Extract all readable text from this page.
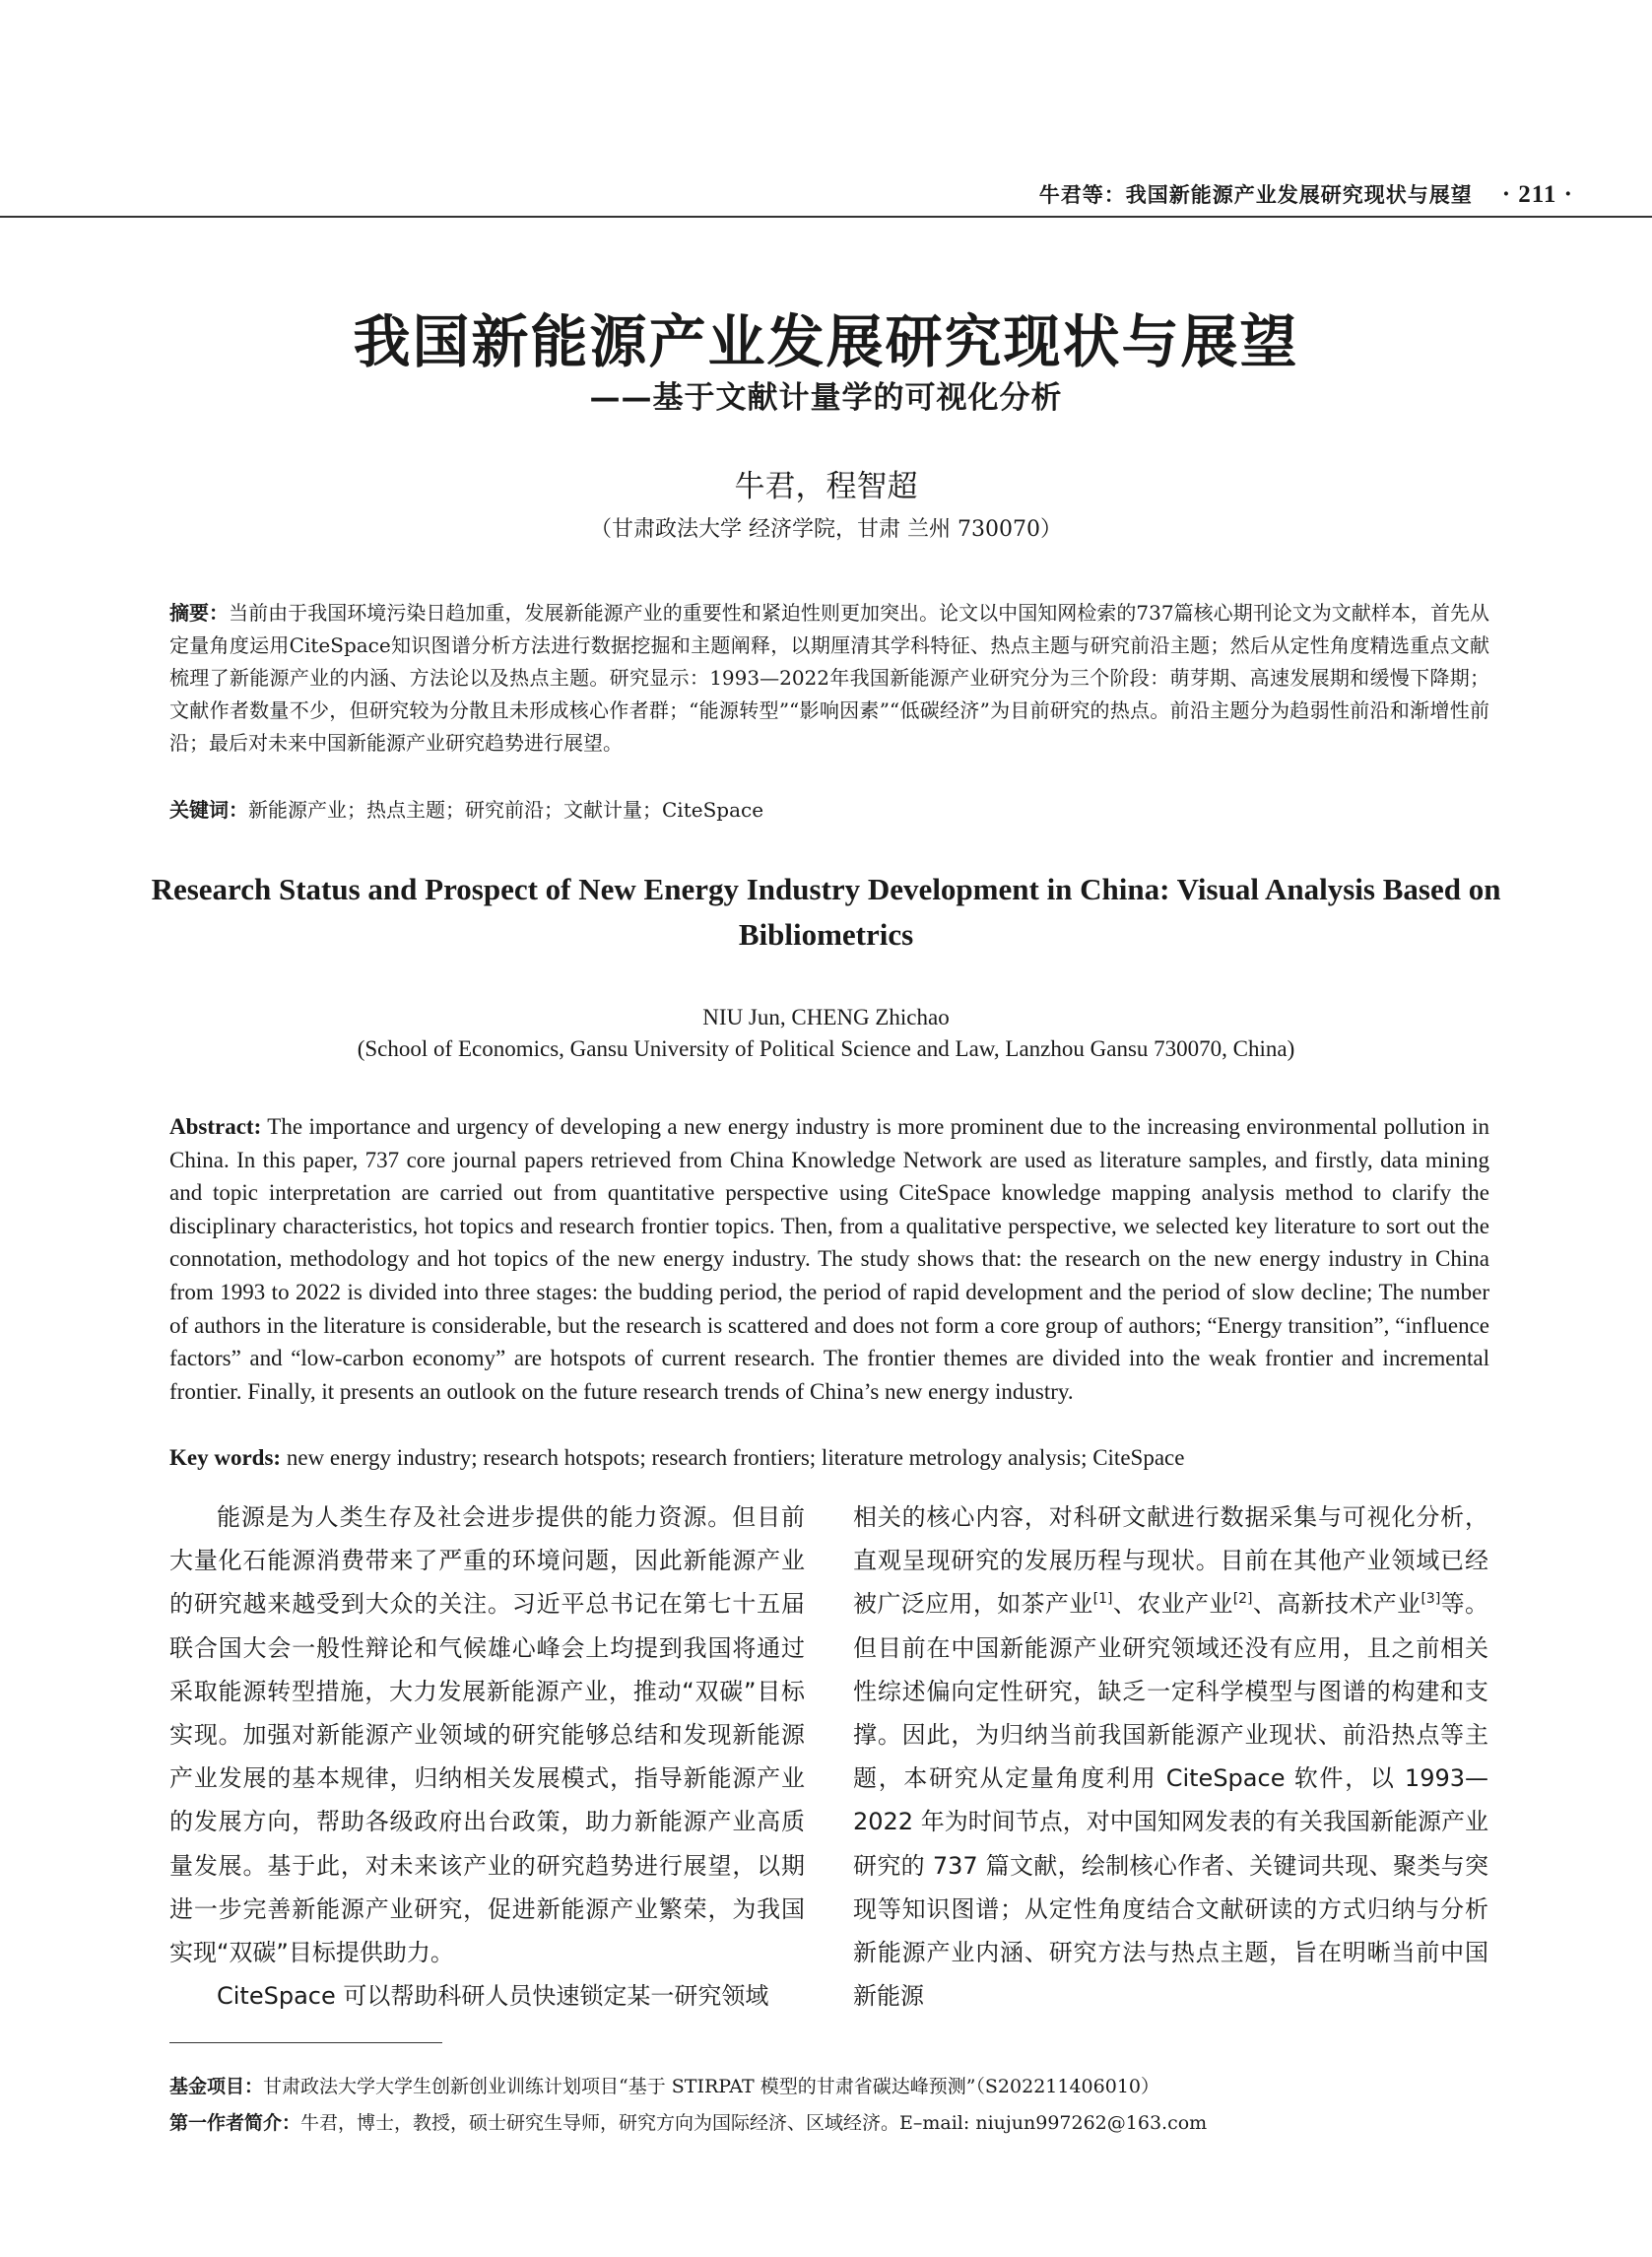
牛君等：我国新能源产业发展研究现状与展望 · 211 ·
我国新能源产业发展研究现状与展望
——基于文献计量学的可视化分析
牛君，程智超
（甘肃政法大学 经济学院，甘肃 兰州 730070）
摘要：当前由于我国环境污染日趋加重，发展新能源产业的重要性和紧迫性则更加突出。论文以中国知网检索的737篇核心期刊论文为文献样本，首先从定量角度运用CiteSpace知识图谱分析方法进行数据挖掘和主题阐释，以期厘清其学科特征、热点主题与研究前沿主题；然后从定性角度精选重点文献梳理了新能源产业的内涵、方法论以及热点主题。研究显示：1993—2022年我国新能源产业研究分为三个阶段：萌芽期、高速发展期和缓慢下降期；文献作者数量不少，但研究较为分散且未形成核心作者群；“能源转型”“影响因素”“低碳经济”为目前研究的热点。前沿主题分为趋弱性前沿和渐增性前沿；最后对未来中国新能源产业研究趋势进行展望。
关键词：新能源产业；热点主题；研究前沿；文献计量；CiteSpace
Research Status and Prospect of New Energy Industry Development in China: Visual Analysis Based on Bibliometrics
NIU Jun, CHENG Zhichao
(School of Economics, Gansu University of Political Science and Law, Lanzhou Gansu 730070, China)
Abstract: The importance and urgency of developing a new energy industry is more prominent due to the increasing environmental pollution in China. In this paper, 737 core journal papers retrieved from China Knowledge Network are used as literature samples, and firstly, data mining and topic interpretation are carried out from quantitative perspective using CiteSpace knowledge mapping analysis method to clarify the disciplinary characteristics, hot topics and research frontier topics. Then, from a qualitative perspective, we selected key literature to sort out the connotation, methodology and hot topics of the new energy industry. The study shows that: the research on the new energy industry in China from 1993 to 2022 is divided into three stages: the budding period, the period of rapid development and the period of slow decline; The number of authors in the literature is considerable, but the research is scattered and does not form a core group of authors; “Energy transition”, “influence factors” and “low-carbon economy” are hotspots of current research. The frontier themes are divided into the weak frontier and incremental frontier. Finally, it presents an outlook on the future research trends of China’s new energy industry.
Key words: new energy industry; research hotspots; research frontiers; literature metrology analysis; CiteSpace

能源是为人类生存及社会进步提供的能力资源。但目前大量化石能源消费带来了严重的环境问题，因此新能源产业的研究越来越受到大众的关注。习近平总书记在第七十五届联合国大会一般性辩论和气候雄心峰会上均提到我国将通过采取能源转型措施，大力发展新能源产业，推动“双碳”目标实现。加强对新能源产业领域的研究能够总结和发现新能源产业发展的基本规律，归纳相关发展模式，指导新能源产业的发展方向，帮助各级政府出台政策，助力新能源产业高质量发展。基于此，对未来该产业的研究趋势进行展望，以期进一步完善新能源产业研究，促进新能源产业繁荣，为我国实现“双碳”目标提供助力。

CiteSpace 可以帮助科研人员快速锁定某一研究领域

相关的核心内容，对科研文献进行数据采集与可视化分析，直观呈现研究的发展历程与现状。目前在其他产业领域已经被广泛应用，如茶产业[1]、农业产业[2]、高新技术产业[3]等。但目前在中国新能源产业研究领域还没有应用，且之前相关性综述偏向定性研究，缺乏一定科学模型与图谱的构建和支撑。因此，为归纳当前我国新能源产业现状、前沿热点等主题，本研究从定量角度利用 CiteSpace 软件，以 1993—2022 年为时间节点，对中国知网发表的有关我国新能源产业研究的 737 篇文献，绘制核心作者、关键词共现、聚类与突现等知识图谱；从定性角度结合文献研读的方式归纳与分析新能源产业内涵、研究方法与热点主题，旨在明晰当前中国新能源

基金项目：甘肃政法大学大学生创新创业训练计划项目“基于 STIRPAT 模型的甘肃省碳达峰预测”（S202211406010）
第一作者简介：牛君，博士，教授，硕士研究生导师，研究方向为国际经济、区域经济。E–mail: niujun997262@163.com
